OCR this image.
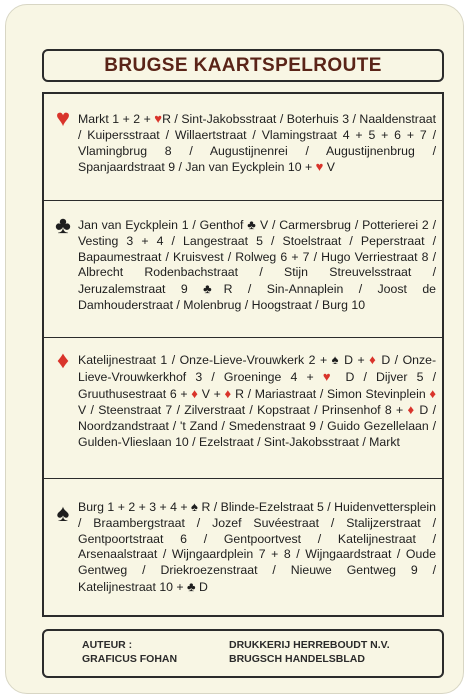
BRUGSE KAARTSPELROUTE
♥ Markt 1 + 2 + ♥R / Sint-Jakobsstraat / Boterhuis 3 / Naaldenstraat / Kuipersstraat / Willaertstraat / Vlamingstraat 4 + 5 + 6 + 7 / Vlamingbrug 8 / Augustijnenrei / Augustijnenbrug / Spanjaardstraat 9 / Jan van Eyckplein 10 + ♥ V
♣ Jan van Eyckplein 1 / Genthof ♣ V / Carmersbrug / Potterierei 2 / Vesting 3 + 4 / Langestraat 5 / Stoelstraat / Peperstraat / Bapaumestraat / Kruisvest / Rolweg 6 + 7 / Hugo Verriestraat 8 / Albrecht Rodenbachstraat / Stijn Streuvelsstraat / Jeruzalemstraat 9 ♣R / Sin-Annaplein / Joost de Damhouderstraat / Molenbrug / Hoogstraat / Burg 10
♦ Katelijnestraat 1 / Onze-Lieve-Vrouwkerk 2 + ♠ D + ♦ D / Onze-Lieve-Vrouwkerkhof 3 / Groeninge 4 + ♥ D / Dijver 5 / Gruuthusestraat 6 + ♦ V + ♦ R / Mariastraat / Simon Stevinplein ♦ V / Steenstraat 7 / Zilverstraat / Kopstraat / Prinsenhof 8 + ♦ D / Noordzandstraat / 't Zand / Smedenstraat 9 / Guido Gezellelaan / Gulden-Vlieslaan 10 / Ezelstraat / Sint-Jakobsstraat / Markt
♠ Burg 1 + 2 + 3 + 4 + ♠ R / Blinde-Ezelstraat 5 / Huidenvettersplein / Braambergstraat / Jozef Suvéestraat / Stalijzerstraat / Gentpoortstraat 6 / Gentpoortvest / Katelijnestraat / Arsenaalstraat / Wijngaardplein 7 + 8 / Wijngaardstraat / Oude Gentweg / Driekroezenstraat / Nieuwe Gentweg 9 / Katelijnestraat 10 + ♣ D
AUTEUR :
GRAFICUS FOHAN
DRUKKERIJ HERREBOUDT N.V.
BRUGSCH HANDELSBLAD
